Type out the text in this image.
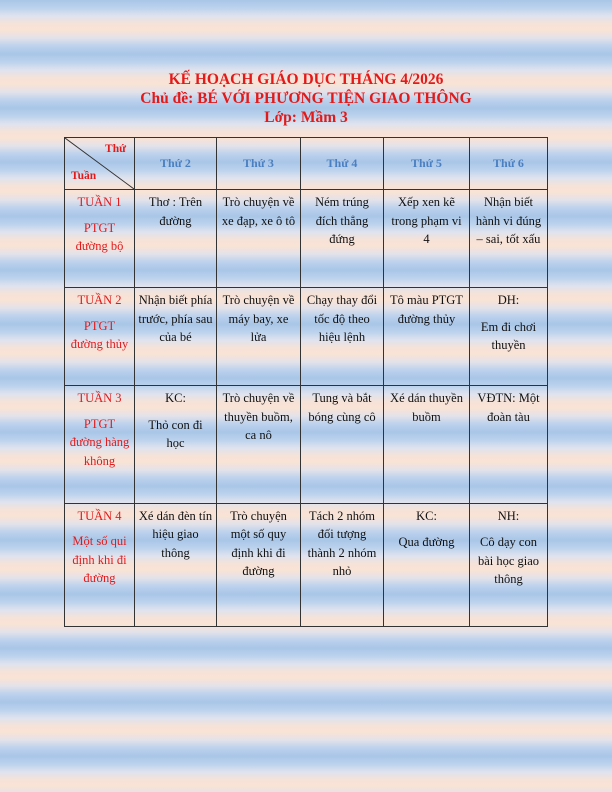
KẾ HOẠCH GIÁO DỤC THÁNG 4/2026
Chủ đề: BÉ VỚI PHƯƠNG TIỆN GIAO THÔNG
Lớp: Mầm 3
Thứ
Tuần	Thứ 2	Thứ 3	Thứ 4	Thứ 5	Thứ 6

TUẦN 1
PTGT đường bộ	Thơ : Trên đường	Trò chuyện về xe đạp, xe ô tô	Ném trúng đích thẳng đứng	Xếp xen kẽ trong phạm vi 4	Nhận biết hành vi đúng – sai, tốt xấu

TUẦN 2
PTGT đường thủy	Nhận biết phía trước, phía sau của bé	Trò chuyện về máy bay, xe lửa	Chạy thay đổi tốc độ theo hiệu lệnh	Tô màu PTGT đường thủy	DH:
Em đi chơi thuyền

TUẦN 3
PTGT đường hàng không	KC:
Thỏ con đi học	Trò chuyện về thuyền buồm, ca nô	Tung và bắt bóng cùng cô	Xé dán thuyền buồm	VĐTN: Một đoàn tàu

TUẦN 4
Một số qui định khi đi đường	Xé dán đèn tín hiệu giao thông	Trò chuyện một số quy định khi đi đường	Tách 2 nhóm đối tượng thành 2 nhóm nhỏ	KC:
Qua đường	NH:
Cô dạy con bài học giao thông
